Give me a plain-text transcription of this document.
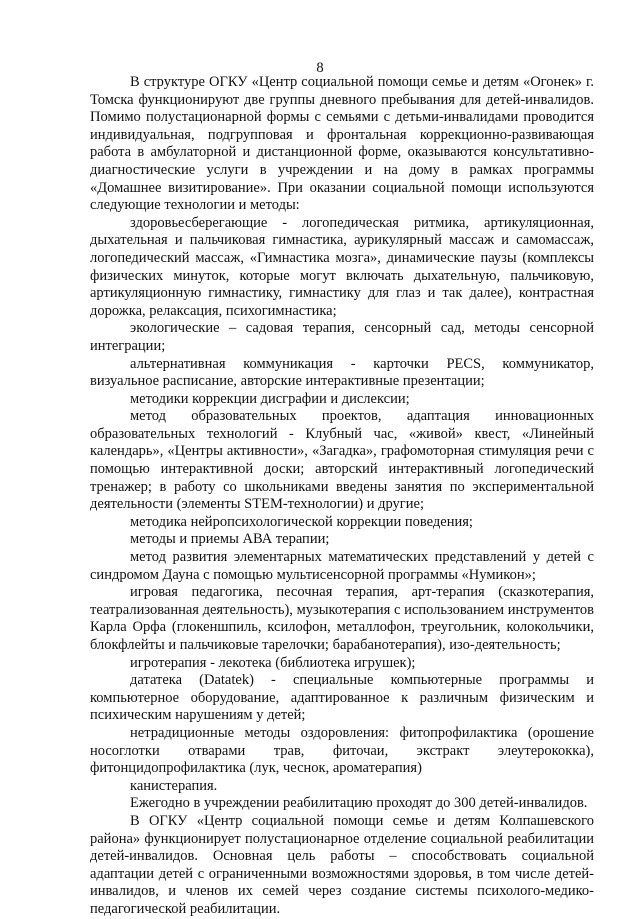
8

В структуре ОГКУ «Центр социальной помощи семье и детям «Огонек» г. Томска функционируют две группы дневного пребывания для детей-инвалидов. Помимо полустационарной формы с семьями с детьми-инвалидами проводится индивидуальная, подгрупповая и фронтальная коррекционно-развивающая работа в амбулаторной и дистанционной форме, оказываются консультативно-диагностические услуги в учреждении и на дому в рамках программы «Домашнее визитирование». При оказании социальной помощи используются следующие технологии и методы:

здоровьесберегающие - логопедическая ритмика, артикуляционная, дыхательная и пальчиковая гимнастика, аурикулярный массаж и самомассаж, логопедический массаж, «Гимнастика мозга», динамические паузы (комплексы физических минуток, которые могут включать дыхательную, пальчиковую, артикуляционную гимнастику, гимнастику для глаз и так далее), контрастная дорожка, релаксация, психогимнастика;

экологические – садовая терапия, сенсорный сад, методы сенсорной интеграции;

альтернативная коммуникация - карточки PECS, коммуникатор, визуальное расписание, авторские интерактивные презентации;

методики коррекции дисграфии и дислексии;

метод образовательных проектов, адаптация инновационных образовательных технологий - Клубный час, «живой» квест, «Линейный календарь», «Центры активности», «Загадка», графомоторная стимуляция речи с помощью интерактивной доски; авторский интерактивный логопедический тренажер; в работу со школьниками введены занятия по экспериментальной деятельности (элементы STEM-технологии) и другие;

методика нейропсихологической коррекции поведения;

методы и приемы АВА терапии;

метод развития элементарных математических представлений у детей с синдромом Дауна с помощью мультисенсорной программы «Нумикон»;

игровая педагогика, песочная терапия, арт-терапия (сказкотерапия, театрализованная деятельность), музыкотерапия с использованием инструментов Карла Орфа (глокеншпиль, ксилофон, металлофон, треугольник, колокольчики, блокфлейты и пальчиковые тарелочки; барабанотерапия), изо-деятельность;

игротерапия - лекотека (библиотека игрушек);

дататека (Datatek) - специальные компьютерные программы и компьютерное оборудование, адаптированное к различным физическим и психическим нарушениям у детей;

нетрадиционные методы оздоровления: фитопрофилактика (орошение носоглотки отварами трав, фиточаи, экстракт элеутерококка), фитонцидопрофилактика (лук, чеснок, ароматерапия)

канистерапия.

Ежегодно в учреждении реабилитацию проходят до 300 детей-инвалидов.

В ОГКУ «Центр социальной помощи семье и детям Колпашевского района» функционирует полустационарное отделение социальной реабилитации детей-инвалидов. Основная цель работы – способствовать социальной адаптации детей с ограниченными возможностями здоровья, в том числе детей-инвалидов, и членов их семей через создание системы психолого-медико-педагогической реабилитации.
